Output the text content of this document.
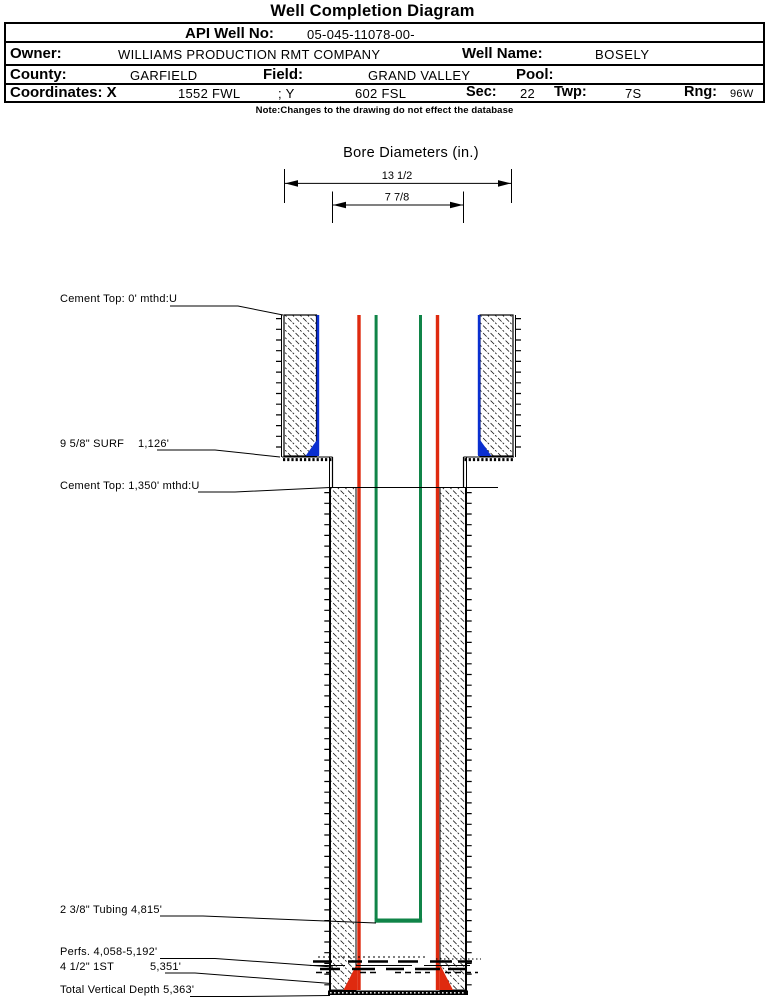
Well Completion Diagram
API Well No:	05-045-11078-00-
Owner:	WILLIAMS PRODUCTION RMT COMPANY	Well Name:	BOSELY
County:	GARFIELD	Field:	GRAND VALLEY	Pool:
Coordinates: X	1552 FWL	; Y	602 FSL	Sec: 22 Twp:	7S	Rng: 96W
Note:Changes to the drawing do not effect the database
Bore Diameters (in.)
13 1/2
7 7/8
Cement Top: 0' mthd:U
9 5/8" SURF 1,126'
Cement Top: 1,350' mthd:U
2 3/8" Tubing 4,815'
Perfs. 4,058-5,192'
4 1/2" 1ST	5,351'
Total Vertical Depth 5,363'
